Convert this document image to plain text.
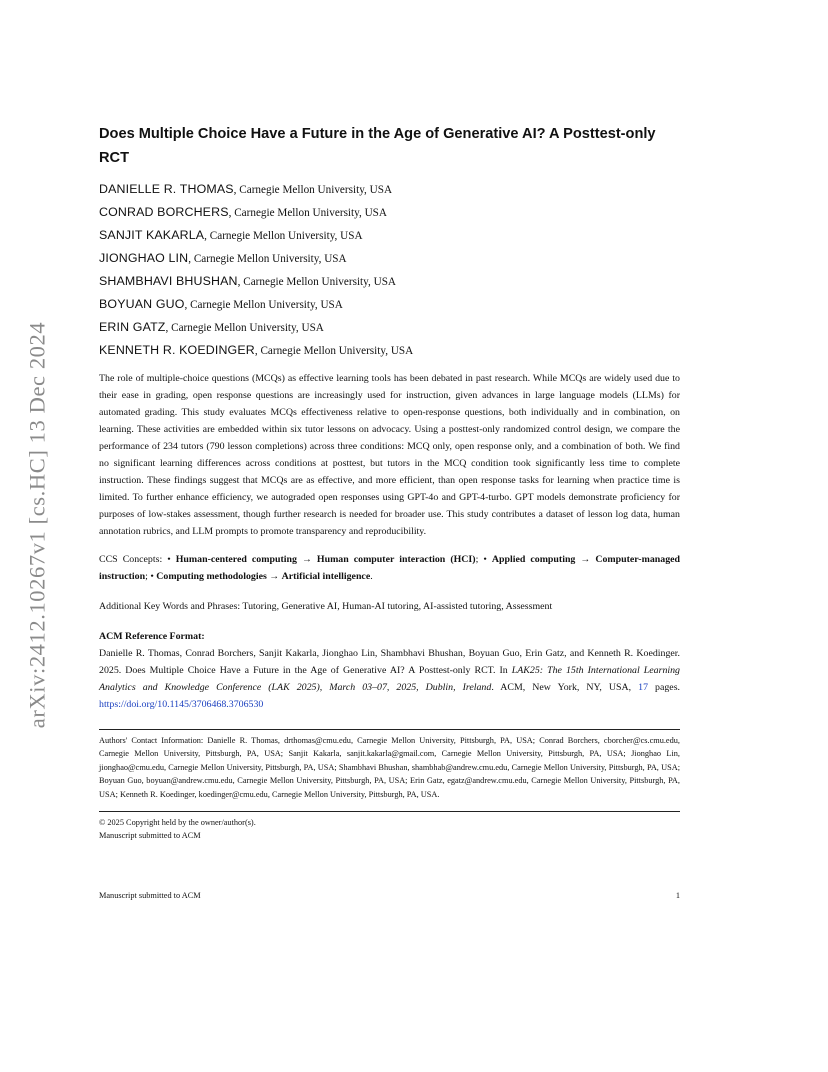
arXiv:2412.10267v1 [cs.HC] 13 Dec 2024
Does Multiple Choice Have a Future in the Age of Generative AI? A Posttest-only RCT
DANIELLE R. THOMAS, Carnegie Mellon University, USA
CONRAD BORCHERS, Carnegie Mellon University, USA
SANJIT KAKARLA, Carnegie Mellon University, USA
JIONGHAO LIN, Carnegie Mellon University, USA
SHAMBHAVI BHUSHAN, Carnegie Mellon University, USA
BOYUAN GUO, Carnegie Mellon University, USA
ERIN GATZ, Carnegie Mellon University, USA
KENNETH R. KOEDINGER, Carnegie Mellon University, USA
The role of multiple-choice questions (MCQs) as effective learning tools has been debated in past research. While MCQs are widely used due to their ease in grading, open response questions are increasingly used for instruction, given advances in large language models (LLMs) for automated grading. This study evaluates MCQs effectiveness relative to open-response questions, both individually and in combination, on learning. These activities are embedded within six tutor lessons on advocacy. Using a posttest-only randomized control design, we compare the performance of 234 tutors (790 lesson completions) across three conditions: MCQ only, open response only, and a combination of both. We find no significant learning differences across conditions at posttest, but tutors in the MCQ condition took significantly less time to complete instruction. These findings suggest that MCQs are as effective, and more efficient, than open response tasks for learning when practice time is limited. To further enhance efficiency, we autograded open responses using GPT-4o and GPT-4-turbo. GPT models demonstrate proficiency for purposes of low-stakes assessment, though further research is needed for broader use. This study contributes a dataset of lesson log data, human annotation rubrics, and LLM prompts to promote transparency and reproducibility.
CCS Concepts: • Human-centered computing → Human computer interaction (HCI); • Applied computing → Computer-managed instruction; • Computing methodologies → Artificial intelligence.
Additional Key Words and Phrases: Tutoring, Generative AI, Human-AI tutoring, AI-assisted tutoring, Assessment
ACM Reference Format:
Danielle R. Thomas, Conrad Borchers, Sanjit Kakarla, Jionghao Lin, Shambhavi Bhushan, Boyuan Guo, Erin Gatz, and Kenneth R. Koedinger. 2025. Does Multiple Choice Have a Future in the Age of Generative AI? A Posttest-only RCT. In LAK25: The 15th International Learning Analytics and Knowledge Conference (LAK 2025), March 03–07, 2025, Dublin, Ireland. ACM, New York, NY, USA, 17 pages. https://doi.org/10.1145/3706468.3706530
Authors' Contact Information: Danielle R. Thomas, drthomas@cmu.edu, Carnegie Mellon University, Pittsburgh, PA, USA; Conrad Borchers, cborcher@cs.cmu.edu, Carnegie Mellon University, Pittsburgh, PA, USA; Sanjit Kakarla, sanjit.kakarla@gmail.com, Carnegie Mellon University, Pittsburgh, PA, USA; Jionghao Lin, jionghao@cmu.edu, Carnegie Mellon University, Pittsburgh, PA, USA; Shambhavi Bhushan, shambhab@andrew.cmu.edu, Carnegie Mellon University, Pittsburgh, PA, USA; Boyuan Guo, boyuan@andrew.cmu.edu, Carnegie Mellon University, Pittsburgh, PA, USA; Erin Gatz, egatz@andrew.cmu.edu, Carnegie Mellon University, Pittsburgh, PA, USA; Kenneth R. Koedinger, koedinger@cmu.edu, Carnegie Mellon University, Pittsburgh, PA, USA.
© 2025 Copyright held by the owner/author(s).
Manuscript submitted to ACM
Manuscript submitted to ACM	1
